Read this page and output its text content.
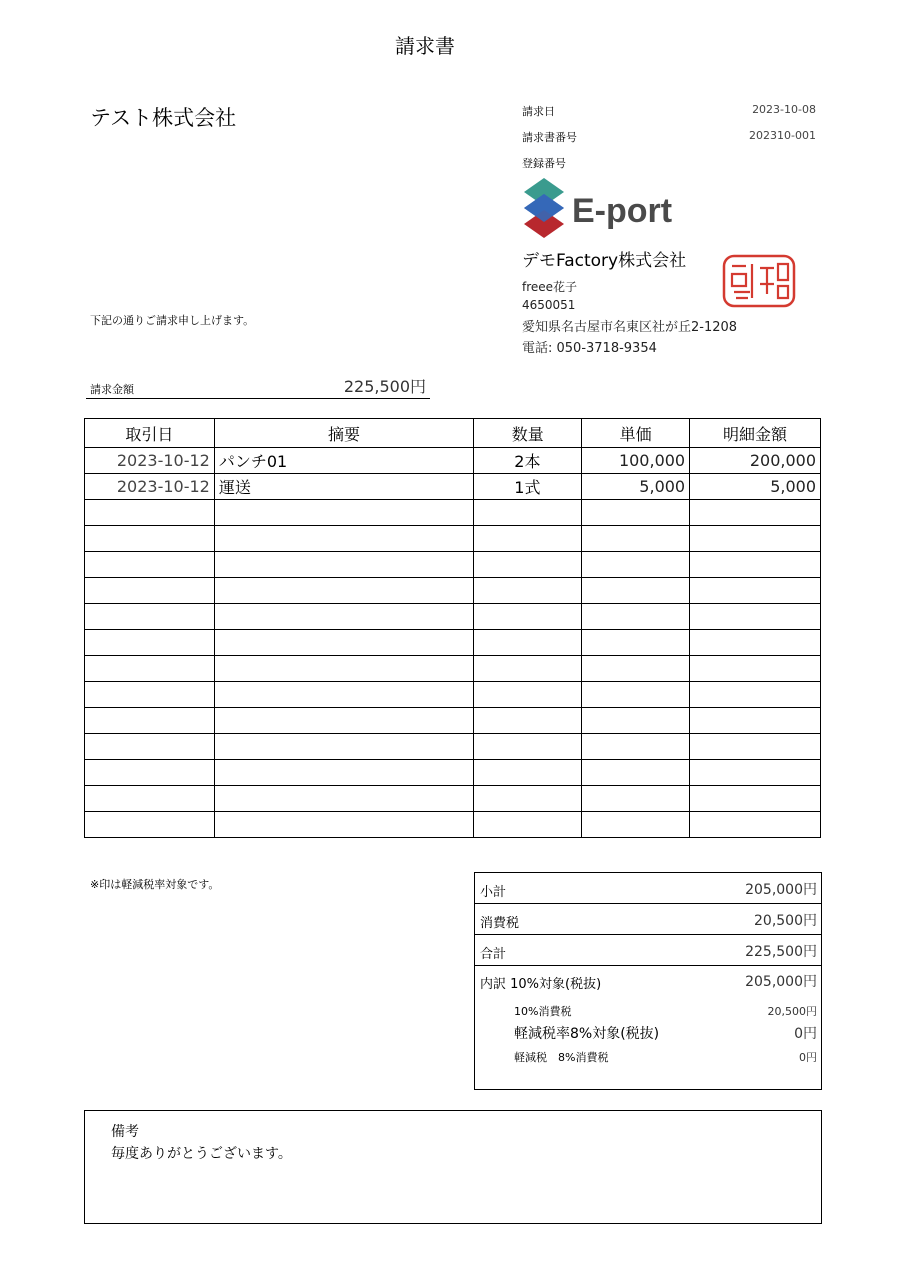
請求書
テスト株式会社	請求日	2023-10-08
請求書番号	202310-001
登録番号
E-port
デモFactory株式会社
freee花子
4650051
愛知県名古屋市名東区社が丘2-1208
電話: 050-3718-9354
下記の通りご請求申し上げます。
請求金額	225,500円
取引日	摘要	数量	単価	明細金額
2023-10-12	パンチ01	2本	100,000	200,000
2023-10-12	運送	1式	5,000	5,000

※印は軽減税率対象です。
小計	205,000円
消費税	20,500円
合計	225,500円
内訳 10%対象(税抜)	205,000円
10%消費税	20,500円
軽減税率8%対象(税抜)	0円
軽減税　8%消費税	0円
備考
毎度ありがとうございます。
